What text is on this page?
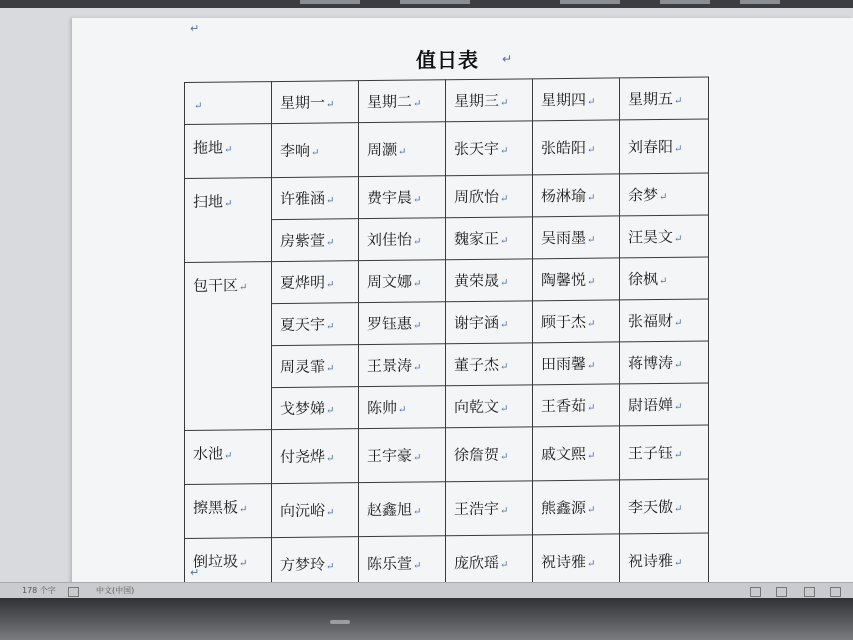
↵
值日表 ↵
↵	星期一↵	星期二↵	星期三↵	星期四↵	星期五↵
拖地↵	李响↵	周灏↵	张天宇↵	张皓阳↵	刘春阳↵
扫地↵	许雅涵↵	费宇晨↵	周欣怡↵	杨淋瑜↵	余梦↵
	房紫萱↵	刘佳怡↵	魏家正↵	吴雨墨↵	汪昊文↵
包干区↵	夏烨明↵	周文娜↵	黄荣晟↵	陶馨悦↵	徐枫↵
	夏天宇↵	罗钰惠↵	谢宇涵↵	顾于杰↵	张福财↵
	周灵霏↵	王景涛↵	董子杰↵	田雨馨↵	蒋博涛↵
	戈梦娣↵	陈帅↵	向乾文↵	王香茹↵	尉语婵↵
水池↵	付尧烨↵	王宇豪↵	徐詹贺↵	戚文熙↵	王子钰↵
擦黑板↵	向沅峪↵	赵鑫旭↵	王浩宇↵	熊鑫源↵	李天傲↵
倒垃圾↵	方梦玲↵	陈乐萱↵	庞欣瑶↵	祝诗雅↵	祝诗雅↵
↵
178 个字	中文(中国)
